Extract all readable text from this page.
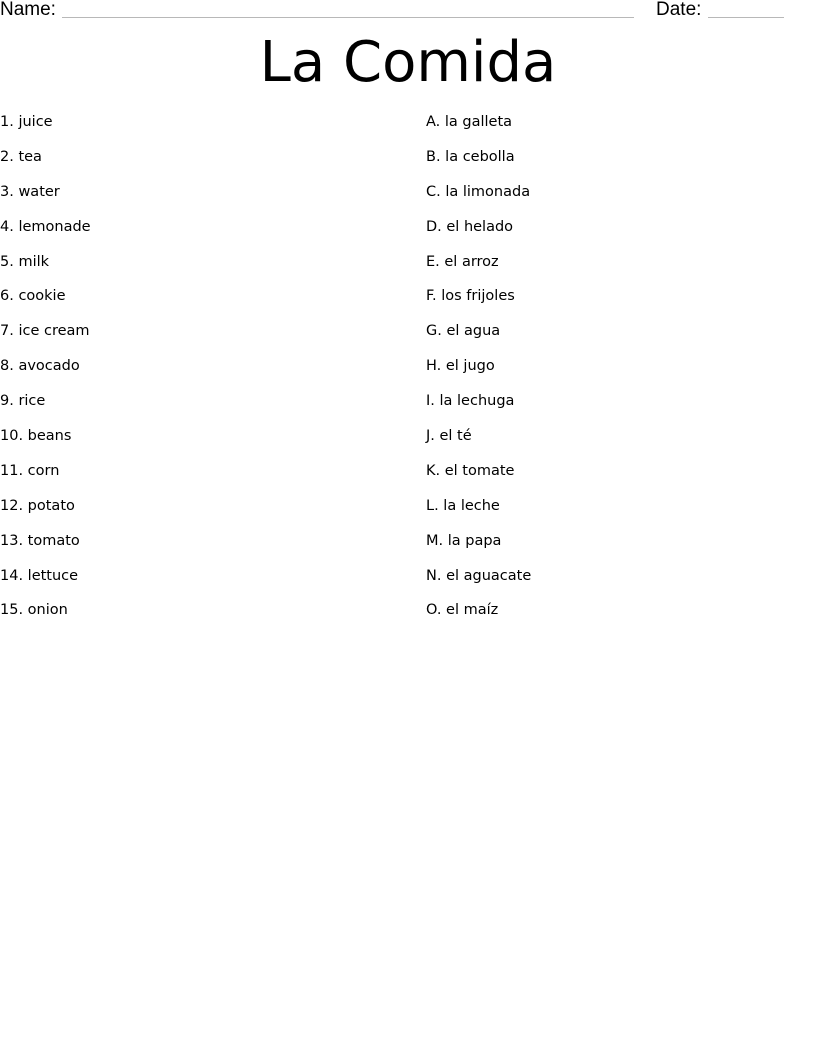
Name:	Date:
La Comida
1. juice
2. tea
3. water
4. lemonade
5. milk
6. cookie
7. ice cream
8. avocado
9. rice
10. beans
11. corn
12. potato
13. tomato
14. lettuce
15. onion
A. la galleta
B. la cebolla
C. la limonada
D. el helado
E. el arroz
F. los frijoles
G. el agua
H. el jugo
I. la lechuga
J. el té
K. el tomate
L. la leche
M. la papa
N. el aguacate
O. el maíz
